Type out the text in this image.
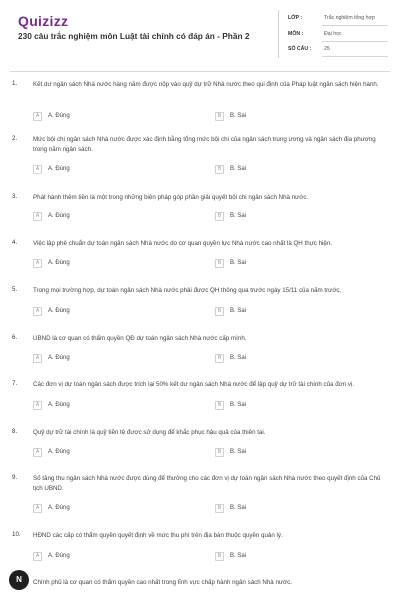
Quizizz
230 câu trắc nghiệm môn Luật tài chính có đáp án - Phần 2
LỚP :	Trắc nghiệm tổng hợp
MÔN :	Đại học
SỐ CÂU : 25
1.	Kết dư ngân sách Nhà nước hàng năm được nộp vào quỹ dự trữ Nhà nước theo qui định của Pháp luật ngân sách hiện hành.
A	A. Đúng	B	B. Sai
2.	Mức bội chi ngân sách Nhà nước được xác định bằng tổng mức bội chi của ngân sách trung ương và ngân sách địa phương trong năm ngân sách.
A	A. Đúng	B	B. Sai
3.	Phát hành thêm tiền là một trong những biện pháp góp phần giải quyết bội chi ngân sách Nhà nước.
A	A. Đúng	B	B. Sai
4.	Việc lập phê chuẩn dự toán ngân sách Nhà nước do cơ quan quyền lực Nhà nước cao nhất là QH thực hiện.
A	A. Đúng	B	B. Sai
5.	Trong mọi trường hợp, dự toán ngân sách Nhà nước phải được QH thông qua trước ngày 15/11 của năm trước.
A	A. Đúng	B	B. Sai
6.	UBND là cơ quan có thẩm quyền QĐ dự toán ngân sách Nhà nước cấp mình.
A	A. Đúng	B	B. Sai
7.	Các đơn vị dự toán ngân sách được trích lại 50% kết dư ngân sách Nhà nước để lập quỹ dự trữ tài chính của đơn vị.
A	A. Đúng	B	B. Sai
8.	Quỹ dự trữ tài chính là quỹ tiền tệ được sử dụng để khắc phục hậu quả của thiên tai.
A	A. Đúng	B	B. Sai
9.	Số tăng thu ngân sách Nhà nước được dùng để thưởng cho các đơn vị dự toán ngân sách Nhà nước theo quyết định của Chủ tịch UBND.
A	A. Đúng	B	B. Sai
10. HĐND các cấp có thẩm quyền quyết định về mức thu phí trên địa bàn thuộc quyền quản lý.
A	A. Đúng	B	B. Sai
Chính phủ là cơ quan có thẩm quyền cao nhất trong lĩnh vực chấp hành ngân sách Nhà nước.
N
